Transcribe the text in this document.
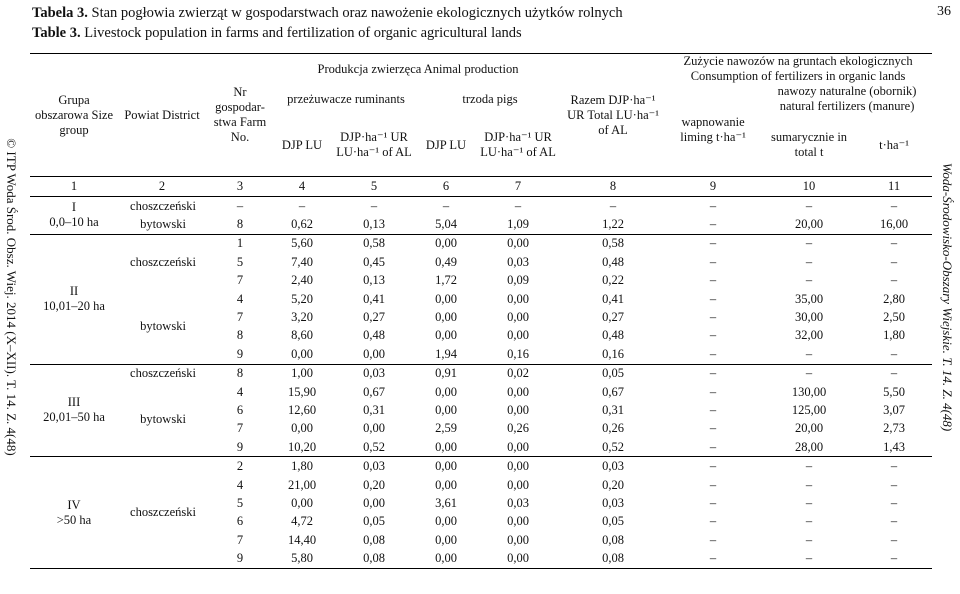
© ITP Woda Środ. Obsz. Wiej. 2014 (X–XII). T. 14. Z. 4(48)
36
Woda-Środowisko-Obszary Wiejskie. T. 14. Z. 4(48)
Tabela 3. Stan pogłowia zwierząt w gospodarstwach oraz nawożenie ekologicznych użytków rolnych
Table 3. Livestock population in farms and fertilization of organic agricultural lands
Grupa obszarowa Size group	Powiat District	Nr gospodar-stwa Farm No.	Produkcja zwierzęca Animal production				Razem DJP·ha⁻¹ UR Total LU·ha⁻¹ of AL	Zużycie nawozów na gruntach ekologicznych Consumption of fertilizers in organic lands		
			przeżuwacze ruminants		trzoda pigs			wapnowanie liming t·ha⁻¹	nawozy naturalne (obornik) natural fertilizers (manure)	
			DJP LU	DJP·ha⁻¹ UR LU·ha⁻¹ of AL	DJP LU	DJP·ha⁻¹ UR LU·ha⁻¹ of AL			sumarycznie in total t	t·ha⁻¹

1	2	3	4	5	6	7	8	9	10	11
I
0,0–10 ha	choszczeński	–	–	–	–	–	–	–	–	–
	bytowski	8	0,62	0,13	5,04	1,09	1,22	–	20,00	16,00
II
10,01–20 ha	choszczeński	1	5,60	0,58	0,00	0,00	0,58	–	–	–
		5	7,40	0,45	0,49	0,03	0,48	–	–	–
		7	2,40	0,13	1,72	0,09	0,22	–	–	–
	bytowski	4	5,20	0,41	0,00	0,00	0,41	–	35,00	2,80
		7	3,20	0,27	0,00	0,00	0,27	–	30,00	2,50
		8	8,60	0,48	0,00	0,00	0,48	–	32,00	1,80
		9	0,00	0,00	1,94	0,16	0,16	–	–	–
III
20,01–50 ha	choszczeński	8	1,00	0,03	0,91	0,02	0,05	–	–	–
	bytowski	4	15,90	0,67	0,00	0,00	0,67	–	130,00	5,50
		6	12,60	0,31	0,00	0,00	0,31	–	125,00	3,07
		7	0,00	0,00	2,59	0,26	0,26	–	20,00	2,73
		9	10,20	0,52	0,00	0,00	0,52	–	28,00	1,43
IV
>50 ha	choszczeński	2	1,80	0,03	0,00	0,00	0,03	–	–	–
		4	21,00	0,20	0,00	0,00	0,20	–	–	–
		5	0,00	0,00	3,61	0,03	0,03	–	–	–
		6	4,72	0,05	0,00	0,00	0,05	–	–	–
		7	14,40	0,08	0,00	0,00	0,08	–	–	–
		9	5,80	0,08	0,00	0,00	0,08	–	–	–
